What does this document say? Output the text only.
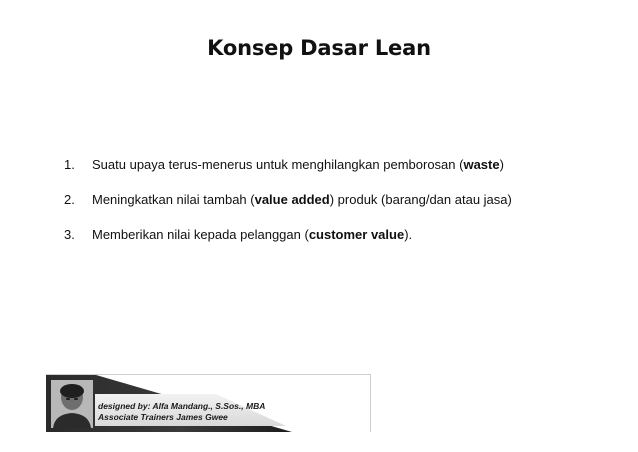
Konsep Dasar Lean
1.	Suatu upaya terus-menerus untuk menghilangkan pemborosan (waste)
2.	Meningkatkan nilai tambah (value added) produk (barang/dan atau jasa)
3.	Memberikan nilai kepada pelanggan (customer value).
designed by: Alfa Mandang., S.Sos., MBA
Associate Trainers James Gwee
